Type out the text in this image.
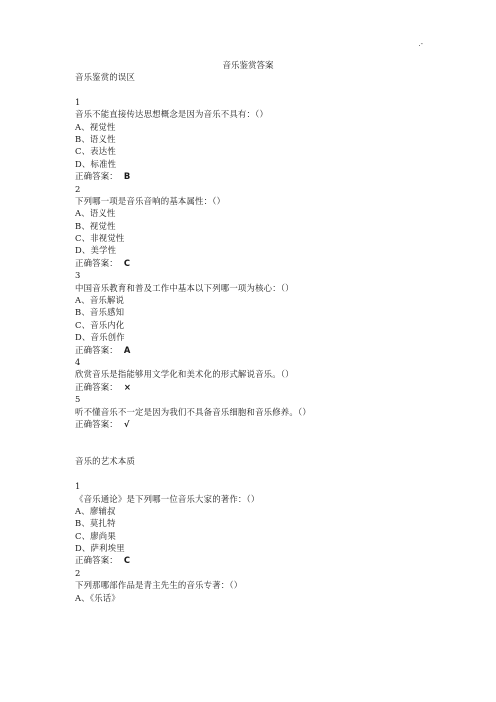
.-
音乐鉴赏答案
音乐鉴赏的误区
1
音乐不能直接传达思想概念是因为音乐不具有：（）
A、视觉性
B、语义性
C、表达性
D、标准性
正确答案： B
2
下列哪一项是音乐音响的基本属性：（）
A、语义性
B、视觉性
C、非视觉性
D、美学性
正确答案： C
3
中国音乐教育和普及工作中基本以下列哪一项为核心：（）
A、音乐解说
B、音乐感知
C、音乐内化
D、音乐创作
正确答案： A
4
欣赏音乐是指能够用文学化和美术化的形式解说音乐。（）
正确答案： ×
5
听不懂音乐不一定是因为我们不具备音乐细胞和音乐修养。（）
正确答案： √
音乐的艺术本质
1
《音乐通论》是下列哪一位音乐大家的著作：（）
A、廖辅叔
B、莫扎特
C、廖尚果
D、萨利埃里
正确答案： C
2
下列那哪部作品是青主先生的音乐专著：（）
A、《乐话》
